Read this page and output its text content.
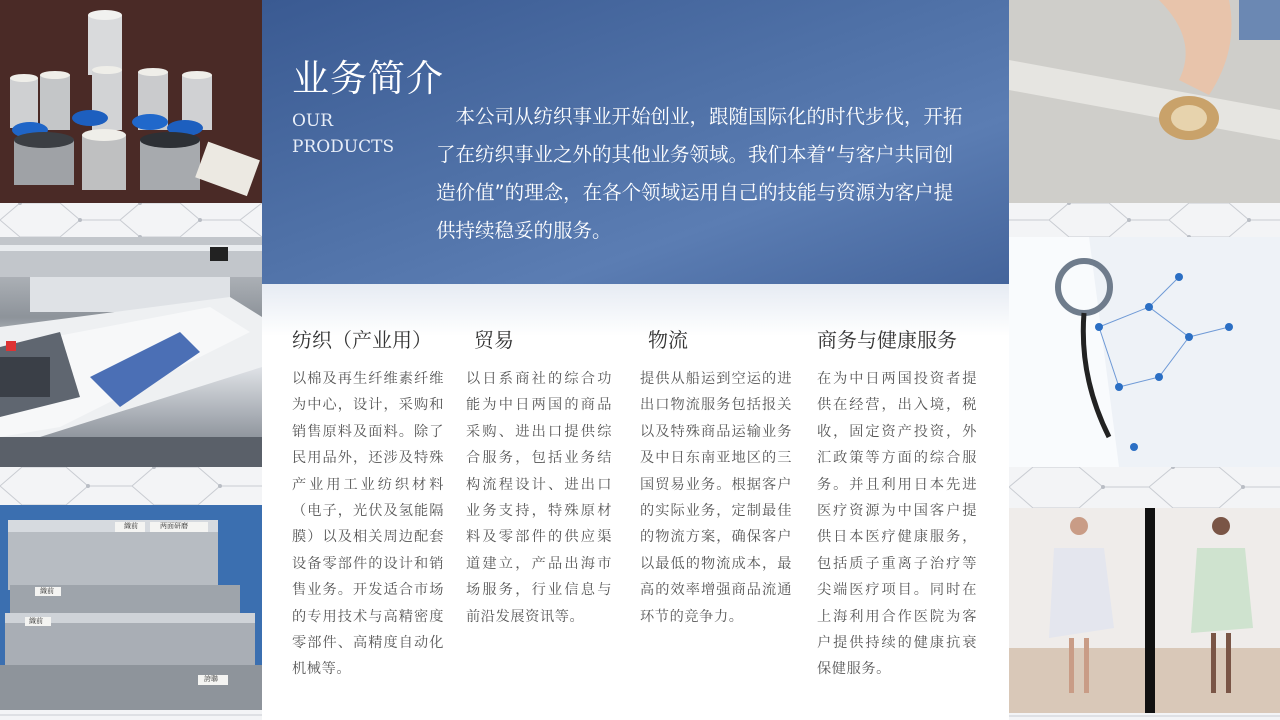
織前	两面研磨
織前
織前
誇聯
业务简介
OUR
PRODUCTS
本公司从纺织事业开始创业，跟随国际化的时代步伐，开拓了在纺织事业之外的其他业务领域。我们本着“与客户共同创造价值”的理念，在各个领域运用自己的技能与资源为客户提供持续稳妥的服务。
纺织（产业用）

以棉及再生纤维素纤维为中心，设计，采购和销售原料及面料。除了民用品外，还涉及特殊产业用工业纺织材料（电子，光伏及氢能隔膜）以及相关周边配套设备零部件的设计和销售业务。开发适合市场的专用技术与高精密度零部件、高精度自动化机械等。

贸易

以日系商社的综合功能为中日两国的商品采购、进出口提供综合服务，包括业务结构流程设计、进出口业务支持，特殊原材料及零部件的供应渠道建立，产品出海市场服务，行业信息与前沿发展资讯等。

物流

提供从船运到空运的进出口物流服务包括报关以及特殊商品运输业务及中日东南亚地区的三国贸易业务。根据客户的实际业务，定制最佳的物流方案，确保客户以最低的物流成本，最高的效率增强商品流通环节的竞争力。

商务与健康服务

在为中日两国投资者提供在经营，出入境，税收，固定资产投资，外汇政策等方面的综合服务。并且利用日本先进医疗资源为中国客户提供日本医疗健康服务，包括质子重离子治疗等尖端医疗项目。同时在上海利用合作医院为客户提供持续的健康抗衰保健服务。
